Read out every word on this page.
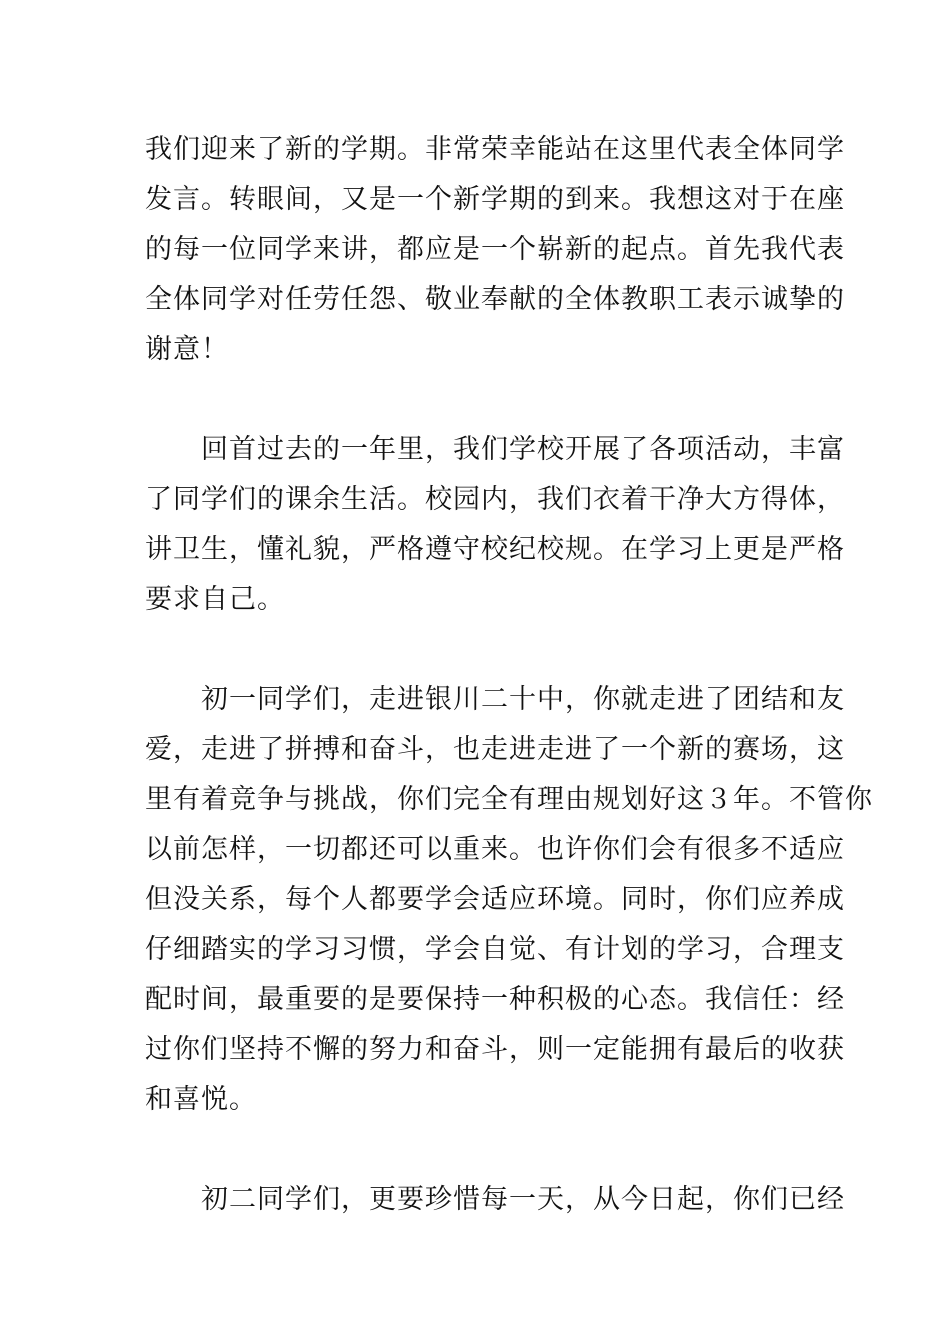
我们迎来了新的学期。非常荣幸能站在这里代表全体同学
发言。转眼间，又是一个新学期的到来。我想这对于在座
的每一位同学来讲，都应是一个崭新的起点。首先我代表
全体同学对任劳任怨、敬业奉献的全体教职工表示诚挚的
谢意！
回首过去的一年里，我们学校开展了各项活动，丰富
了同学们的课余生活。校园内，我们衣着干净大方得体，
讲卫生，懂礼貌，严格遵守校纪校规。在学习上更是严格
要求自己。
初一同学们，走进银川二十中，你就走进了团结和友
爱，走进了拼搏和奋斗，也走进走进了一个新的赛场，这
里有着竞争与挑战，你们完全有理由规划好这３年。不管你
以前怎样，一切都还可以重来。也许你们会有很多不适应
但没关系，每个人都要学会适应环境。同时，你们应养成
仔细踏实的学习习惯，学会自觉、有计划的学习，合理支
配时间，最重要的是要保持一种积极的心态。我信任：经
过你们坚持不懈的努力和奋斗，则一定能拥有最后的收获
和喜悦。
初二同学们，更要珍惜每一天，从今日起，你们已经
